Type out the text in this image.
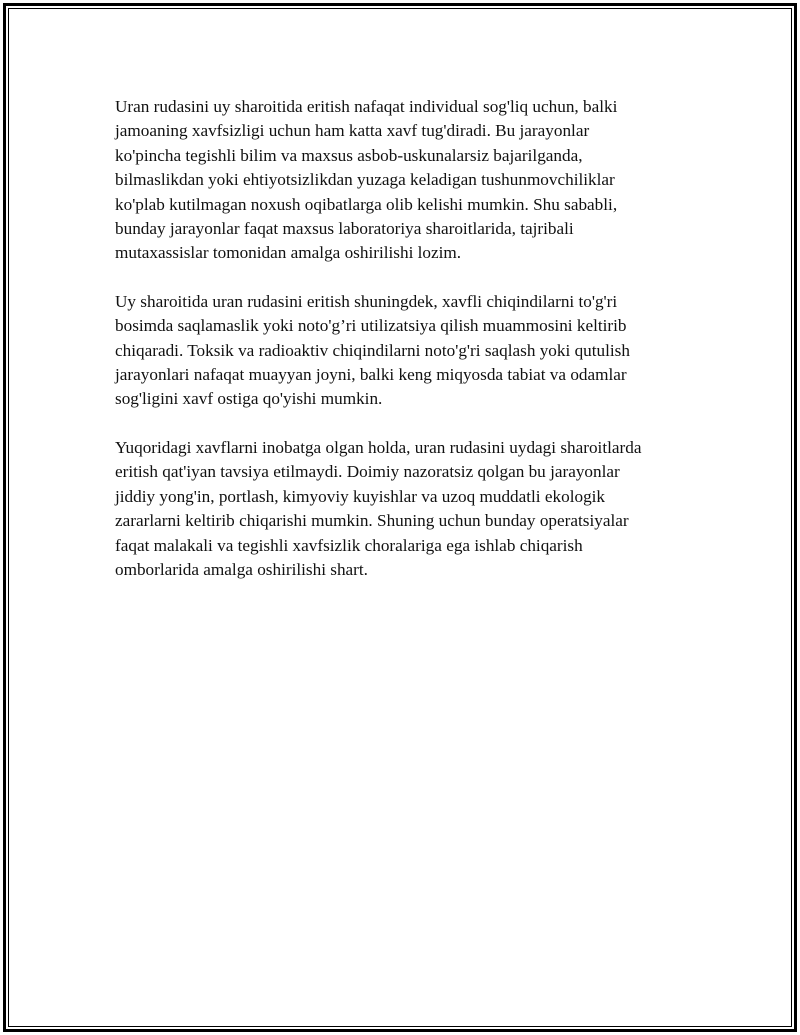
Uran rudasini uy sharoitida eritish nafaqat individual sog'liq uchun, balki
jamoaning xavfsizligi uchun ham katta xavf tug'diradi. Bu jarayonlar
ko'pincha tegishli bilim va maxsus asbob-uskunalarsiz bajarilganda,
bilmaslikdan yoki ehtiyotsizlikdan yuzaga keladigan tushunmovchiliklar
ko'plab kutilmagan noxush oqibatlarga olib kelishi mumkin. Shu sababli,
bunday jarayonlar faqat maxsus laboratoriya sharoitlarida, tajribali
mutaxassislar tomonidan amalga oshirilishi lozim.

Uy sharoitida uran rudasini eritish shuningdek, xavfli chiqindilarni to'g'ri
bosimda saqlamaslik yoki noto'g’ri utilizatsiya qilish muammosini keltirib
chiqaradi. Toksik va radioaktiv chiqindilarni noto'g'ri saqlash yoki qutulish
jarayonlari nafaqat muayyan joyni, balki keng miqyosda tabiat va odamlar
sog'ligini xavf ostiga qo'yishi mumkin.

Yuqoridagi xavflarni inobatga olgan holda, uran rudasini uydagi sharoitlarda
eritish qat'iyan tavsiya etilmaydi. Doimiy nazoratsiz qolgan bu jarayonlar
jiddiy yong'in, portlash, kimyoviy kuyishlar va uzoq muddatli ekologik
zararlarni keltirib chiqarishi mumkin. Shuning uchun bunday operatsiyalar
faqat malakali va tegishli xavfsizlik choralariga ega ishlab chiqarish
omborlarida amalga oshirilishi shart.
